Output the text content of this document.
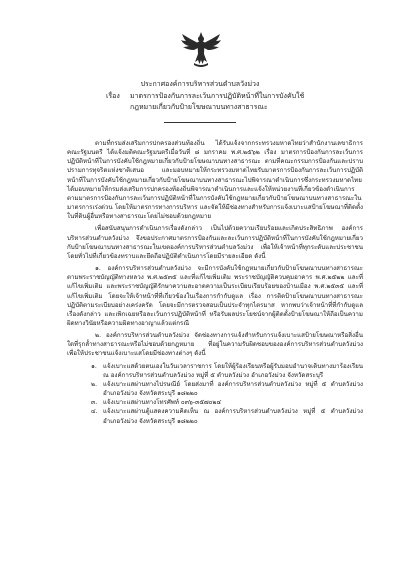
ประกาศองค์การบริหารส่วนตำบลวังม่วง

เรื่อง มาตรการป้องกันการละเว้นการปฏิบัติหน้าที่ในการบังคับใช้กฎหมายเกี่ยวกับป้ายโฆษณาบนทางสาธารณะ

ตามที่กรมส่งเสริมการปกครองส่วนท้องถิ่น ได้รับแจ้งจากกระทรวงมหาดไทยว่าสำนักงานเลขาธิการคณะรัฐมนตรี ได้แจ้งมติคณะรัฐมนตรีเมื่อวันที่ ๘ มกราคม พ.ศ.๒๕๖๒ เรื่อง มาตรการป้องกันการละเว้นการปฏิบัติหน้าที่ในการบังคับใช้กฎหมายเกี่ยวกับป้ายโฆษณาบนทางสาธารณะ ตามที่คณะกรรมการป้องกันและปราบปรามการทุจริตแห่งชาติเสนอ และมอบหมายให้กระทรวงมหาดไทยรับมาตรการป้องกันการละเว้นการปฏิบัติหน้าที่ในการบังคับใช้กฎหมายเกี่ยวกับป้ายโฆษณาบนทางสาธารณะไปพิจารณาดำเนินการซึ่งกระทรวงมหาดไทย ได้มอบหมายให้กรมส่งเสริมการปกครองท้องถิ่นพิจารณาดำเนินการและแจ้งให้หน่วยงานที่เกี่ยวข้องดำเนินการตามมาตรการป้องกันการละเว้นการปฏิบัติหน้าที่ในการบังคับใช้กฎหมายเกี่ยวกับป้ายโฆษณาบนทางสาธารณะในมาตรการเร่งด่วน โดยให้มาตรการทางการบริหาร และจัดให้มีช่องทางสำหรับการแจ้งเบาะแสป้ายโฆษณาที่ติดตั้งในที่ดินผู้อื่นหรือทางสาธารณะโดยไม่ชอบด้วยกฎหมาย

เพื่อสนับสนุนการดำเนินการเรื่องดังกล่าว เป็นไปด้วยความเรียบร้อยและเกิดประสิทธิภาพ องค์การบริหารส่วนตำบลวังม่วง จึงขอประกาศมาตรการป้องกันและละเว้นการปฏิบัติหน้าที่ในการบังคับใช้กฎหมายเกี่ยวกับป้ายโฆษณาบนทางสาธารณะในเขตองค์การบริหารส่วนตำบลวังม่วง เพื่อให้เจ้าหน้าที่ทุกระดับและประชาชนโดยทั่วไปที่เกี่ยวข้องทราบและยึดถือปฏิบัติดำเนินการโดยมีรายละเอียด ดังนี้

๑. องค์การบริหารส่วนตำบลวังม่วง จะมีการบังคับใช้กฎหมายเกี่ยวกับป้ายโฆษณาบนทางสาธารณะตามพระราชบัญญัติทางหลวง พ.ศ.๒๕๓๕ และที่แก้ไขเพิ่มเติม พระราชบัญญัติควบคุมอาคาร พ.ศ.๒๕๒๒ และที่แก้ไขเพิ่มเติม และพระราชบัญญัติรักษาความสะอาดความเป็นระเบียบเรียบร้อยของบ้านเมือง พ.ศ.๒๕๓๕ และที่แก้ไขเพิ่มเติม โดยจะให้เจ้าหน้าที่ที่เกี่ยวข้องในเรื่องการกำกับดูแล เรื่อง การติดป้ายโฆษณาบนทางสาธารณะปฏิบัติตามระเบียบอย่างเคร่งครัด โดยจะมีการตรวจสอบเป็นประจำทุกไตรมาส หากพบว่าเจ้าหน้าที่ที่กำกับดูแลเรื่องดังกล่าว และเพิกเฉยหรือละเว้นการปฏิบัติหน้าที่ หรือรับผลประโยชน์จากผู้ติดตั้งป้ายโฆษณาให้ถือเป็นความผิดทางวินัยหรือความผิดทางอาญาแล้วแต่กรณี

๒. องค์การบริหารส่วนตำบลวังม่วง จัดช่องทางการแจ้งสำหรับการแจ้งเบาะแสป้ายโฆษณาหรือสิ่งอื่นใดที่รุกล้ำทางสาธารณะหรือไม่ชอบด้วยกฎหมาย ที่อยู่ในความรับผิดชอบขององค์การบริหารส่วนตำบลวังม่วง เพื่อให้ประชาชนแจ้งเบาะแสโดยมีช่องทางต่างๆ ดังนี้

๑. แจ้งเบาะแสด้วยตนเองในวันเวลาราชการ โดยให้ผู้ร้องเรียนหรือผู้รับมอบอำนาจเดินทางมาร้องเรียน ณ องค์การบริหารส่วนตำบลวังม่วง หมู่ที่ ๕ ตำบลวังม่วง อำเภอวังม่วง จังหวัดสระบุรี
๒. แจ้งเบาะแสผ่านทางไปรษณีย์ โดยส่งมาที่ องค์การบริหารส่วนตำบลวังม่วง หมู่ที่ ๕ ตำบลวังม่วง อำเภอวังม่วง จังหวัดสระบุรี ๑๘๒๒๐
๓. แจ้งเบาะแสผ่านทางโทรศัพท์ ๐๓๖-๓๕๗๐๒๔
๔. แจ้งเบาะแสผ่านตู้แสดงความคิดเห็น ณ องค์การบริหารส่วนตำบลวังม่วง หมู่ที่ ๕ ตำบลวังม่วง อำเภอวังม่วง จังหวัดสระบุรี ๑๘๒๒๐
